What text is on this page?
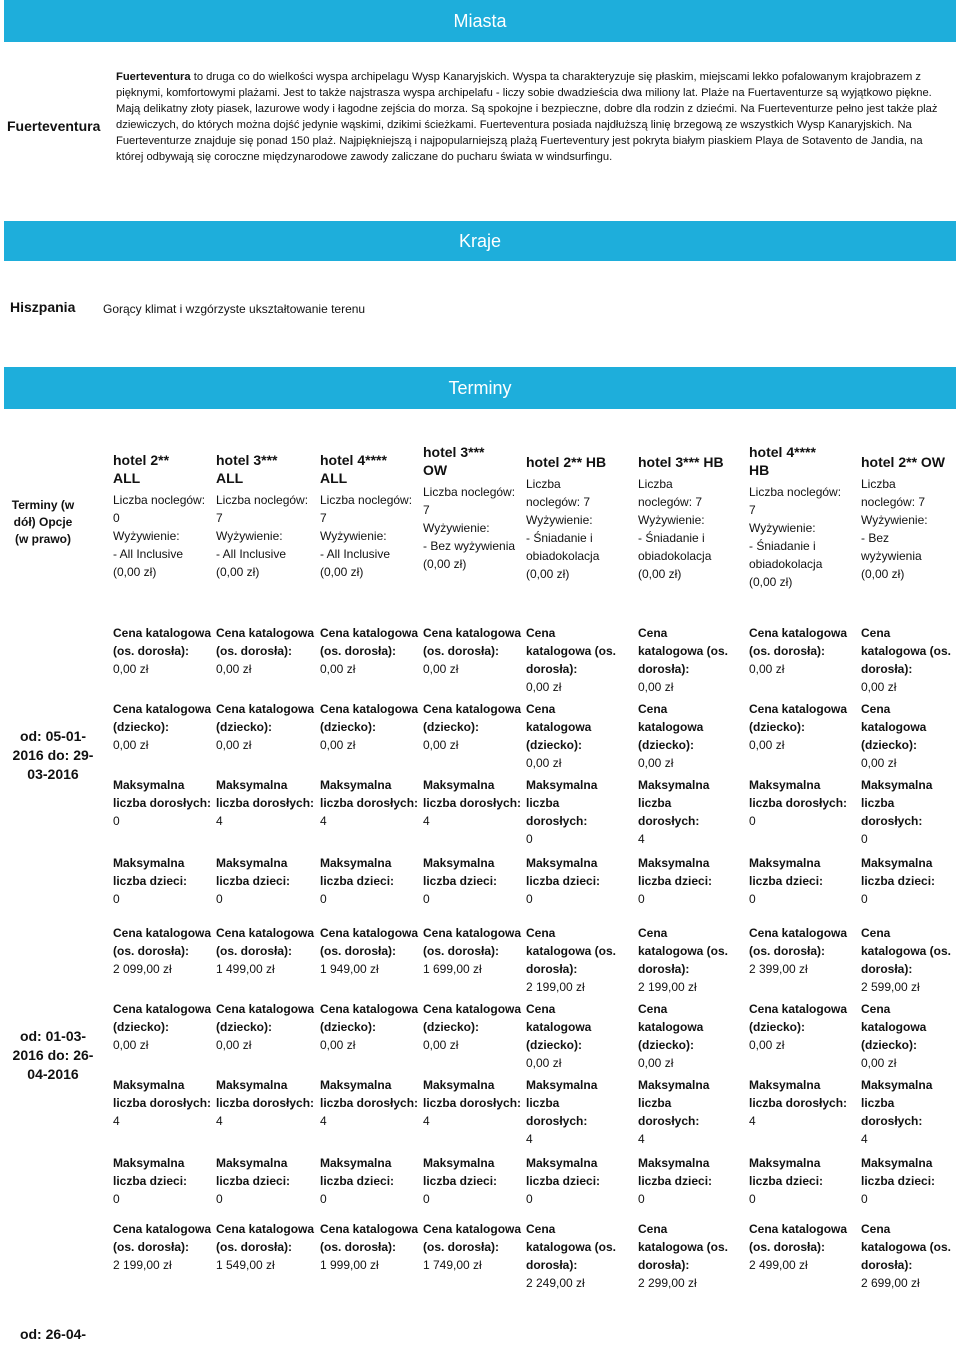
Miasta
Fuerteventura
Fuerteventura to druga co do wielkości wyspa archipelagu Wysp Kanaryjskich. Wyspa ta charakteryzuje się płaskim, miejscami lekko pofalowanym krajobrazem z pięknymi, komfortowymi plażami. Jest to także najstrasza wyspa archipelafu - liczy sobie dwadzieścia dwa miliony lat. Plaże na Fuertaventurze są wyjątkowo piękne. Mają delikatny złoty piasek, lazurowe wody i łagodne zejścia do morza. Są spokojne i bezpieczne, dobre dla rodzin z dziećmi. Na Fuerteventurze pełno jest także plaż dziewiczych, do których można dojść jedynie wąskimi, dzikimi ścieżkami. Fuerteventura posiada najdłuższą linię brzegową ze wszystkich Wysp Kanaryjskich. Na Fuerteventurze znajduje się ponad 150 plaż. Najpiękniejszą i najpopularniejszą plażą Fuerteventury jest pokryta białym piaskiem Playa de Sotavento de Jandia, na której odbywają się coroczne międzynarodowe zawody zaliczane do pucharu świata w windsurfingu.
Kraje
Hiszpania Gorący klimat i wzgórzyste ukształtowanie terenu
Terminy
Terminy (w dół) Opcje (w prawo)
hotel 2**
ALL
Liczba noclegów: 0
Wyżywienie:
- All Inclusive
(0,00 zł)
hotel 3***
ALL
Liczba noclegów: 7
Wyżywienie:
- All Inclusive
(0,00 zł)
hotel 4****
ALL
Liczba noclegów: 7
Wyżywienie:
- All Inclusive
(0,00 zł)
hotel 3***
OW
Liczba noclegów: 7
Wyżywienie:
- Bez wyżywienia
(0,00 zł)
hotel 2** HB
Liczba noclegów: 7
Wyżywienie:
- Śniadanie i obiadokolacja
(0,00 zł)
hotel 3*** HB
Liczba noclegów: 7
Wyżywienie:
- Śniadanie i obiadokolacja
(0,00 zł)
hotel 4****
HB
Liczba noclegów: 7
Wyżywienie:
- Śniadanie i obiadokolacja
(0,00 zł)
hotel 2** OW
Liczba noclegów: 7
Wyżywienie:
- Bez wyżywienia
(0,00 zł)
od: 05-01-2016 do: 29-03-2016
Cena katalogowa (os. dorosła):
0,00 zł
Cena katalogowa (dziecko):
0,00 zł
Maksymalna liczba dorosłych:
0
Maksymalna liczba dzieci:
0
Cena katalogowa (os. dorosła):
0,00 zł
Cena katalogowa (dziecko):
0,00 zł
Maksymalna liczba dorosłych:
4
Maksymalna liczba dzieci:
0
Cena katalogowa (os. dorosła):
0,00 zł
Cena katalogowa (dziecko):
0,00 zł
Maksymalna liczba dorosłych:
4
Maksymalna liczba dzieci:
0
Cena katalogowa (os. dorosła):
0,00 zł
Cena katalogowa (dziecko):
0,00 zł
Maksymalna liczba dorosłych:
4
Maksymalna liczba dzieci:
0
Cena katalogowa (os. dorosła):
0,00 zł
Cena katalogowa (dziecko):
0,00 zł
Maksymalna liczba dorosłych:
0
Maksymalna liczba dzieci:
0
Cena katalogowa (os. dorosła):
0,00 zł
Cena katalogowa (dziecko):
0,00 zł
Maksymalna liczba dorosłych:
4
Maksymalna liczba dzieci:
0
Cena katalogowa (os. dorosła):
0,00 zł
Cena katalogowa (dziecko):
0,00 zł
Maksymalna liczba dorosłych:
0
Maksymalna liczba dzieci:
0
Cena katalogowa (os. dorosła):
0,00 zł
Cena katalogowa (dziecko):
0,00 zł
Maksymalna liczba dorosłych:
0
Maksymalna liczba dzieci:
0
od: 01-03-2016 do: 26-04-2016
Cena katalogowa (os. dorosła):
2 099,00 zł
Cena katalogowa (dziecko):
0,00 zł
Maksymalna liczba dorosłych:
4
Maksymalna liczba dzieci:
0
Cena katalogowa (os. dorosła):
1 499,00 zł
Cena katalogowa (dziecko):
0,00 zł
Maksymalna liczba dorosłych:
4
Maksymalna liczba dzieci:
0
Cena katalogowa (os. dorosła):
1 949,00 zł
Cena katalogowa (dziecko):
0,00 zł
Maksymalna liczba dorosłych:
4
Maksymalna liczba dzieci:
0
Cena katalogowa (os. dorosła):
1 699,00 zł
Cena katalogowa (dziecko):
0,00 zł
Maksymalna liczba dorosłych:
4
Maksymalna liczba dzieci:
0
Cena katalogowa (os. dorosła):
2 199,00 zł
Cena katalogowa (dziecko):
0,00 zł
Maksymalna liczba dorosłych:
4
Maksymalna liczba dzieci:
0
Cena katalogowa (os. dorosła):
2 199,00 zł
Cena katalogowa (dziecko):
0,00 zł
Maksymalna liczba dorosłych:
4
Maksymalna liczba dzieci:
0
Cena katalogowa (os. dorosła):
2 399,00 zł
Cena katalogowa (dziecko):
0,00 zł
Maksymalna liczba dorosłych:
4
Maksymalna liczba dzieci:
0
Cena katalogowa (os. dorosła):
2 599,00 zł
Cena katalogowa (dziecko):
0,00 zł
Maksymalna liczba dorosłych:
4
Maksymalna liczba dzieci:
0
od: 26-04-
Cena katalogowa (os. dorosła):
2 199,00 zł
Cena katalogowa (os. dorosła):
1 549,00 zł
Cena katalogowa (os. dorosła):
1 999,00 zł
Cena katalogowa (os. dorosła):
1 749,00 zł
Cena katalogowa (os. dorosła):
2 249,00 zł
Cena katalogowa (os. dorosła):
2 299,00 zł
Cena katalogowa (os. dorosła):
2 499,00 zł
Cena katalogowa (os. dorosła):
2 699,00 zł
